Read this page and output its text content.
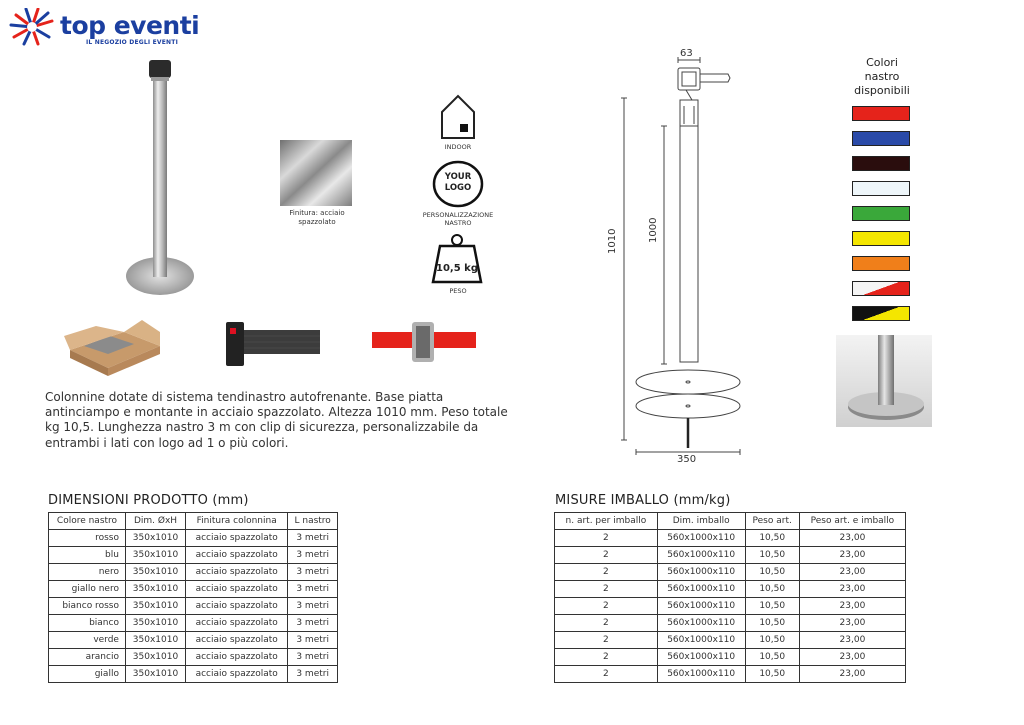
top eventi
IL NEGOZIO DEGLI EVENTI
Finitura: acciaio spazzolato
INDOOR
YOUR
LOGO
PERSONALIZZAZIONE
NASTRO
10,5 kg
PESO
Colonnine dotate di sistema tendinastro autofrenante. Base piatta antinciampo e montante in acciaio spazzolato. Altezza 1010 mm. Peso totale kg 10,5. Lunghezza nastro 3 m con clip di sicurezza, personalizzabile da entrambi i lati con logo ad 1 o più colori.
63
1010	1000
350
Colori
nastro
disponibili
DIMENSIONI PRODOTTO (mm)
Colore nastro	Dim. ØxH	Finitura colonnina	L nastro
rosso	350x1010	acciaio spazzolato	3 metri
blu	350x1010	acciaio spazzolato	3 metri
nero	350x1010	acciaio spazzolato	3 metri
giallo nero	350x1010	acciaio spazzolato	3 metri
bianco rosso	350x1010	acciaio spazzolato	3 metri
bianco	350x1010	acciaio spazzolato	3 metri
verde	350x1010	acciaio spazzolato	3 metri
arancio	350x1010	acciaio spazzolato	3 metri
giallo	350x1010	acciaio spazzolato	3 metri
MISURE IMBALLO (mm/kg)
n. art. per imballo	Dim. imballo	Peso art.	Peso art. e imballo
2	560x1000x110	10,50	23,00
2	560x1000x110	10,50	23,00
2	560x1000x110	10,50	23,00
2	560x1000x110	10,50	23,00
2	560x1000x110	10,50	23,00
2	560x1000x110	10,50	23,00
2	560x1000x110	10,50	23,00
2	560x1000x110	10,50	23,00
2	560x1000x110	10,50	23,00
